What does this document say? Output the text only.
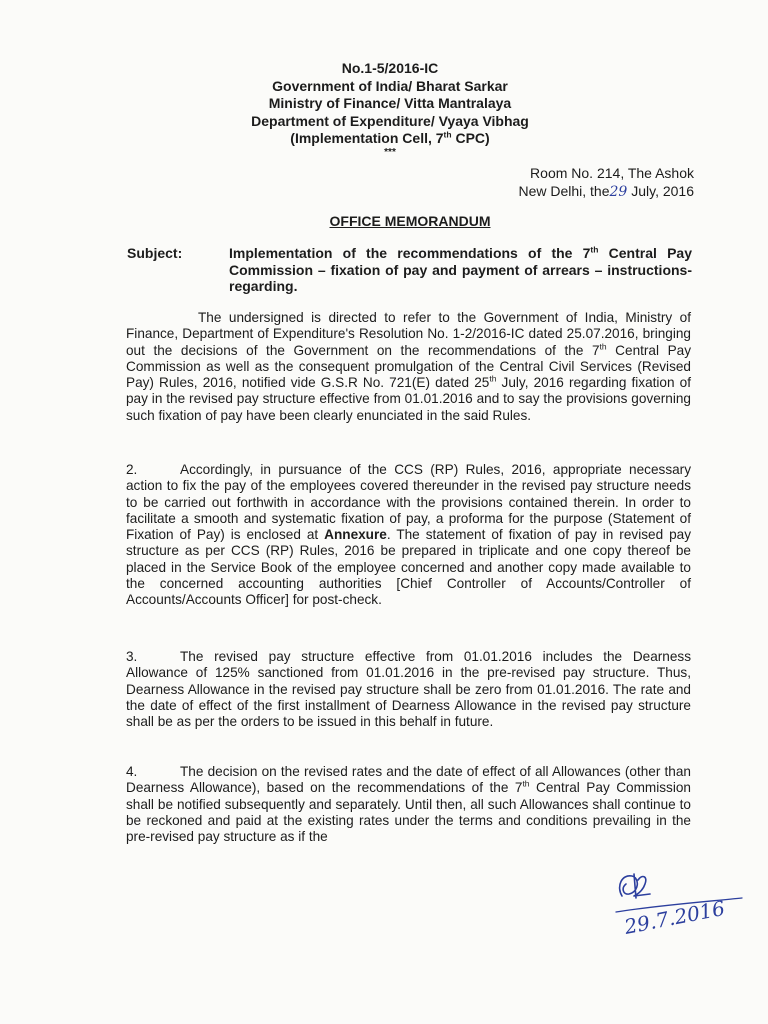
No.1-5/2016-IC
Government of India/ Bharat Sarkar
Ministry of Finance/ Vitta Mantralaya
Department of Expenditure/ Vyaya Vibhag
(Implementation Cell, 7th CPC)
***
Room No. 214, The Ashok
New Delhi, the29 July, 2016
OFFICE MEMORANDUM
Subject:	Implementation of the recommendations of the 7th Central Pay Commission – fixation of pay and payment of arrears – instructions- regarding.
The undersigned is directed to refer to the Government of India, Ministry of Finance, Department of Expenditure's Resolution No. 1-2/2016-IC dated 25.07.2016, bringing out the decisions of the Government on the recommendations of the 7th Central Pay Commission as well as the consequent promulgation of the Central Civil Services (Revised Pay) Rules, 2016, notified vide G.S.R No. 721(E) dated 25th July, 2016 regarding fixation of pay in the revised pay structure effective from 01.01.2016 and to say the provisions governing such fixation of pay have been clearly enunciated in the said Rules.
2.	Accordingly, in pursuance of the CCS (RP) Rules, 2016, appropriate necessary action to fix the pay of the employees covered thereunder in the revised pay structure needs to be carried out forthwith in accordance with the provisions contained therein. In order to facilitate a smooth and systematic fixation of pay, a proforma for the purpose (Statement of Fixation of Pay) is enclosed at Annexure. The statement of fixation of pay in revised pay structure as per CCS (RP) Rules, 2016 be prepared in triplicate and one copy thereof be placed in the Service Book of the employee concerned and another copy made available to the concerned accounting authorities [Chief Controller of Accounts/Controller of Accounts/Accounts Officer] for post-check.
3.	The revised pay structure effective from 01.01.2016 includes the Dearness Allowance of 125% sanctioned from 01.01.2016 in the pre-revised pay structure. Thus, Dearness Allowance in the revised pay structure shall be zero from 01.01.2016. The rate and the date of effect of the first installment of Dearness Allowance in the revised pay structure shall be as per the orders to be issued in this behalf in future.
4.	The decision on the revised rates and the date of effect of all Allowances (other than Dearness Allowance), based on the recommendations of the 7th Central Pay Commission shall be notified subsequently and separately. Until then, all such Allowances shall continue to be reckoned and paid at the existing rates under the terms and conditions prevailing in the pre-revised pay structure as if the
29.7.2016
